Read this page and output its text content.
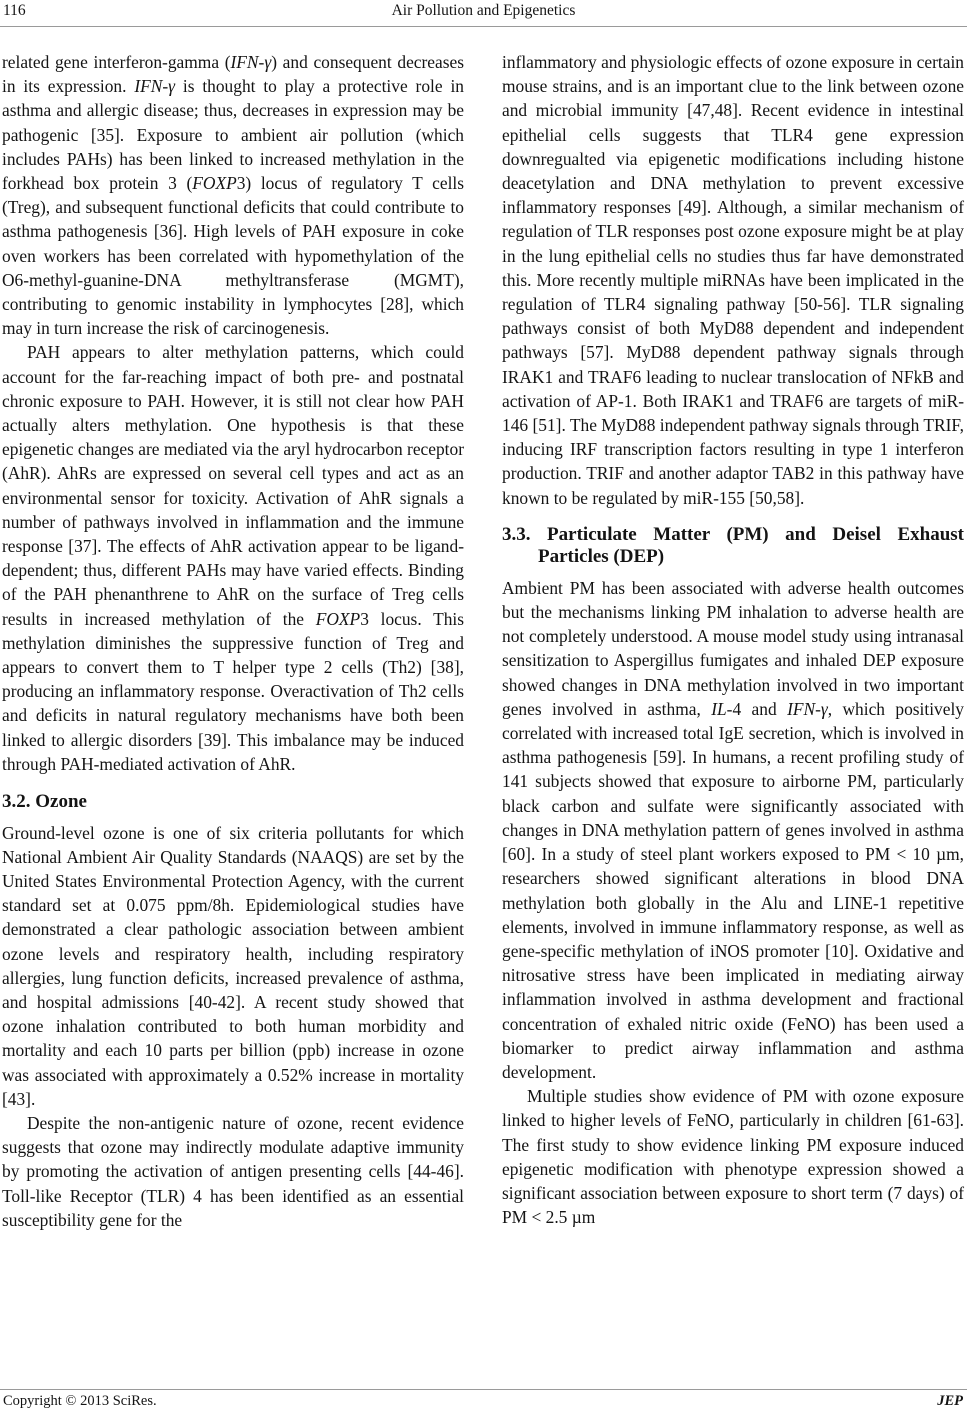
116	Air Pollution and Epigenetics

related gene interferon-gamma (IFN-γ) and consequent decreases in its expression. IFN-γ is thought to play a protective role in asthma and allergic disease; thus, decreases in expression may be pathogenic [35]. Exposure to ambient air pollution (which includes PAHs) has been linked to increased methylation in the forkhead box protein 3 (FOXP3) locus of regulatory T cells (Treg), and subsequent functional deficits that could contribute to asthma pathogenesis [36]. High levels of PAH exposure in coke oven workers has been correlated with hypomethylation of the O6-methyl-guanine-DNA methyltransferase (MGMT), contributing to genomic instability in lymphocytes [28], which may in turn increase the risk of carcinogenesis.

PAH appears to alter methylation patterns, which could account for the far-reaching impact of both pre- and postnatal chronic exposure to PAH. However, it is still not clear how PAH actually alters methylation. One hypothesis is that these epigenetic changes are mediated via the aryl hydrocarbon receptor (AhR). AhRs are expressed on several cell types and act as an environmental sensor for toxicity. Activation of AhR signals a number of pathways involved in inflammation and the immune response [37]. The effects of AhR activation appear to be ligand-dependent; thus, different PAHs may have varied effects. Binding of the PAH phenanthrene to AhR on the surface of Treg cells results in increased methylation of the FOXP3 locus. This methylation diminishes the suppressive function of Treg and appears to convert them to T helper type 2 cells (Th2) [38], producing an inflammatory response. Overactivation of Th2 cells and deficits in natural regulatory mechanisms have both been linked to allergic disorders [39]. This imbalance may be induced through PAH-mediated activation of AhR.

3.2. Ozone

Ground-level ozone is one of six criteria pollutants for which National Ambient Air Quality Standards (NAAQS) are set by the United States Environmental Protection Agency, with the current standard set at 0.075 ppm/8h. Epidemiological studies have demonstrated a clear pathologic association between ambient ozone levels and respiratory health, including respiratory allergies, lung function deficits, increased prevalence of asthma, and hospital admissions [40-42]. A recent study showed that ozone inhalation contributed to both human morbidity and mortality and each 10 parts per billion (ppb) increase in ozone was associated with approximately a 0.52% increase in mortality [43].

Despite the non-antigenic nature of ozone, recent evidence suggests that ozone may indirectly modulate adaptive immunity by promoting the activation of antigen presenting cells [44-46]. Toll-like Receptor (TLR) 4 has been identified as an essential susceptibility gene for the

inflammatory and physiologic effects of ozone exposure in certain mouse strains, and is an important clue to the link between ozone and microbial immunity [47,48]. Recent evidence in intestinal epithelial cells suggests that TLR4 gene expression downregualted via epigenetic modifications including histone deacetylation and DNA methylation to prevent excessive inflammatory responses [49]. Although, a similar mechanism of regulation of TLR responses post ozone exposure might be at play in the lung epithelial cells no studies thus far have demonstrated this. More recently multiple miRNAs have been implicated in the regulation of TLR4 signaling pathway [50-56]. TLR signaling pathways consist of both MyD88 dependent and independent pathways [57]. MyD88 dependent pathway signals through IRAK1 and TRAF6 leading to nuclear translocation of NFkB and activation of AP-1. Both IRAK1 and TRAF6 are targets of miR-146 [51]. The MyD88 independent pathway signals through TRIF, inducing IRF transcription factors resulting in type 1 interferon production. TRIF and another adaptor TAB2 in this pathway have known to be regulated by miR-155 [50,58].

3.3. Particulate Matter (PM) and Deisel Exhaust Particles (DEP)

Ambient PM has been associated with adverse health outcomes but the mechanisms linking PM inhalation to adverse health are not completely understood. A mouse model study using intranasal sensitization to Aspergillus fumigates and inhaled DEP exposure showed changes in DNA methylation involved in two important genes involved in asthma, IL-4 and IFN-γ, which positively correlated with increased total IgE secretion, which is involved in asthma pathogenesis [59]. In humans, a recent profiling study of 141 subjects showed that exposure to airborne PM, particularly black carbon and sulfate were significantly associated with changes in DNA methylation pattern of genes involved in asthma [60]. In a study of steel plant workers exposed to PM < 10 µm, researchers showed significant alterations in blood DNA methylation both globally in the Alu and LINE-1 repetitive elements, involved in immune inflammatory response, as well as gene-specific methylation of iNOS promoter [10]. Oxidative and nitrosative stress have been implicated in mediating airway inflammation involved in asthma development and fractional concentration of exhaled nitric oxide (FeNO) has been used a biomarker to predict airway inflammation and asthma development.

Multiple studies show evidence of PM with ozone exposure linked to higher levels of FeNO, particularly in children [61-63]. The first study to show evidence linking PM exposure induced epigenetic modification with phenotype expression showed a significant association between exposure to short term (7 days) of PM < 2.5 µm

Copyright © 2013 SciRes.	JEP
